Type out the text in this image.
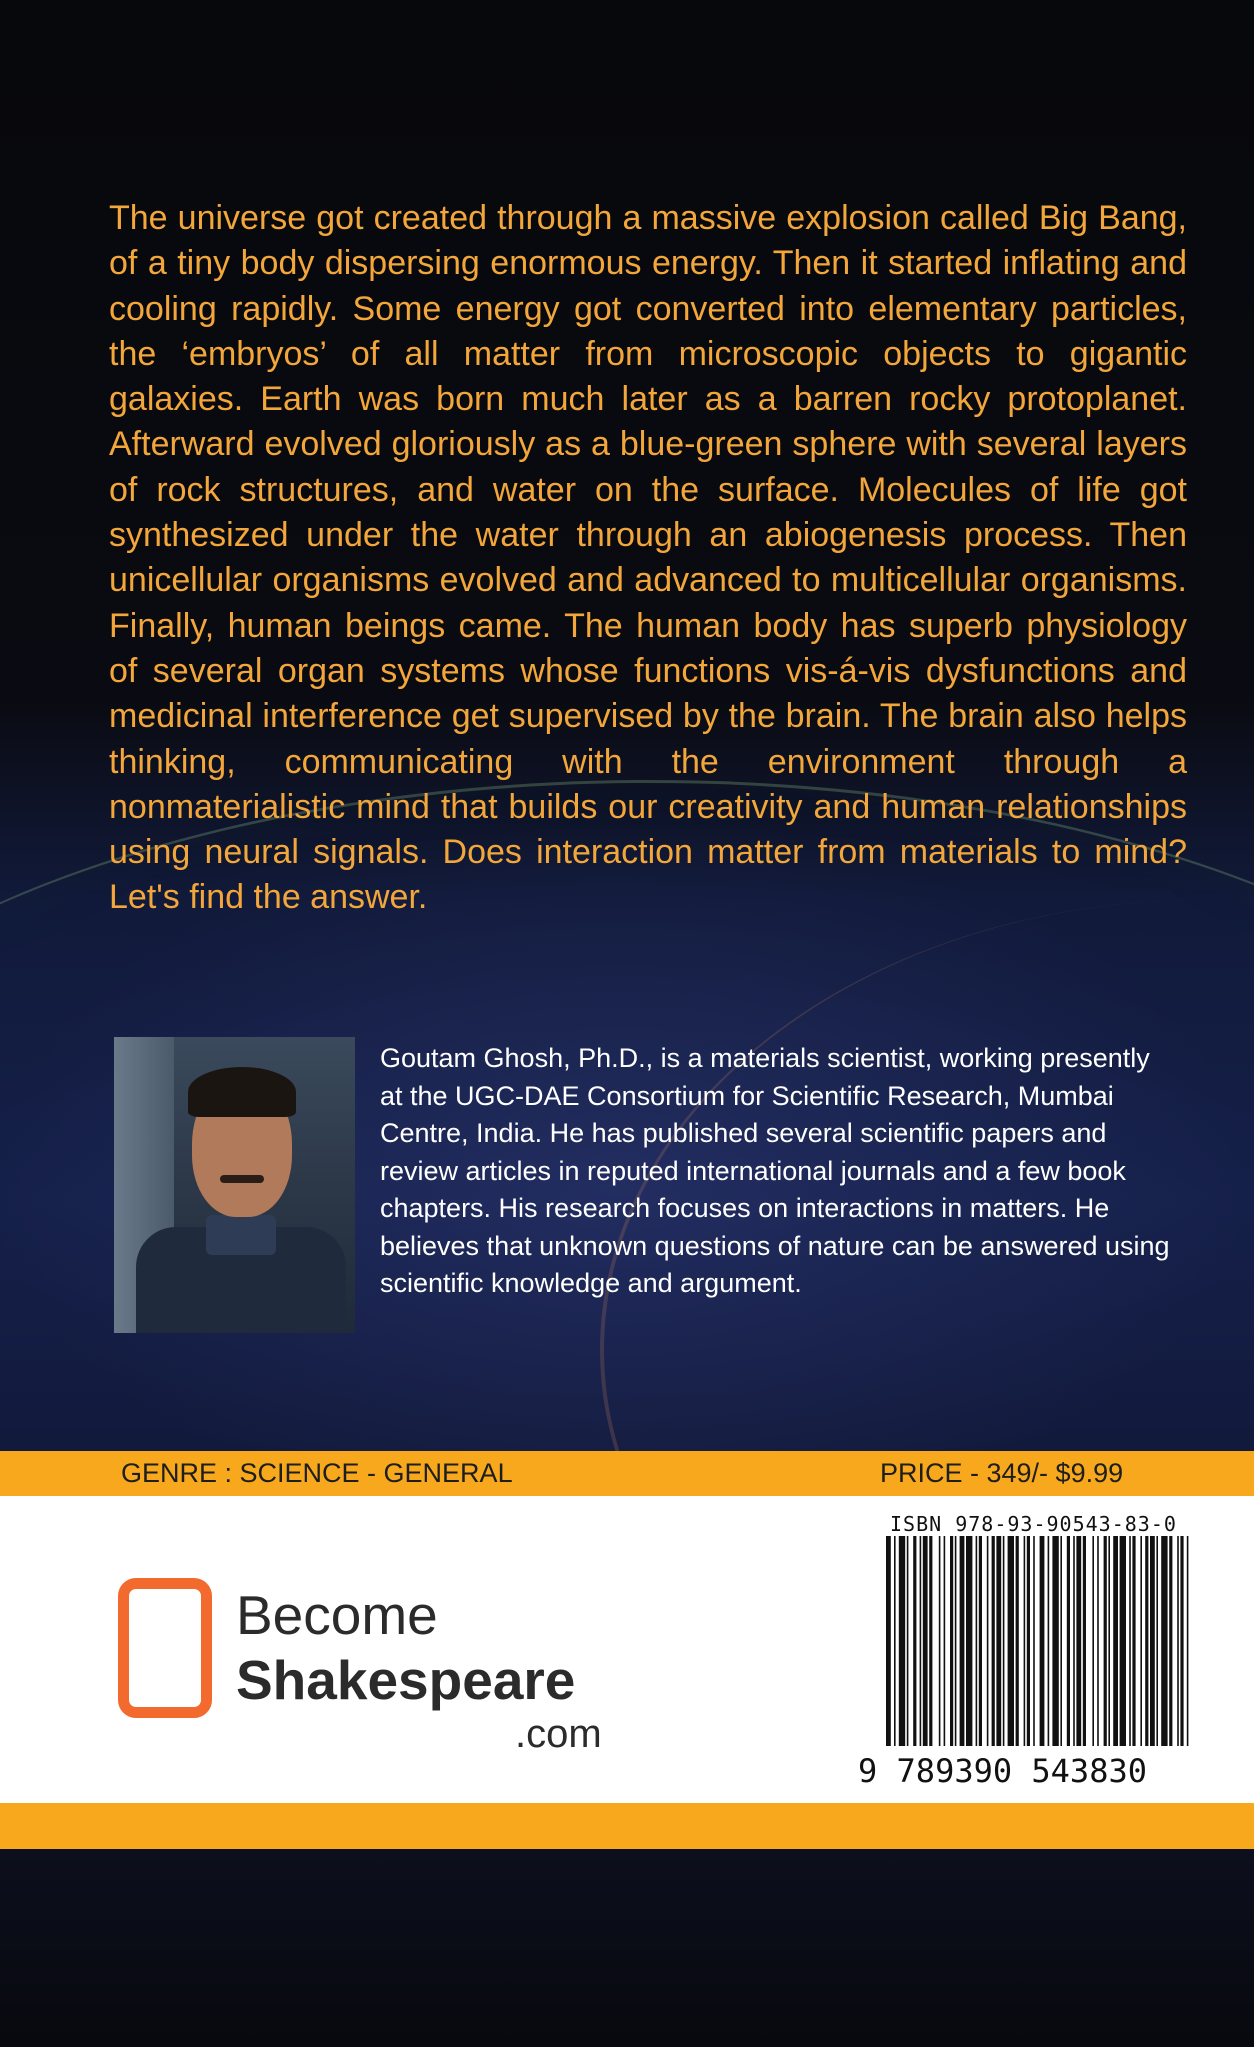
The universe got created through a massive explosion called Big Bang, of a tiny body dispersing enormous energy. Then it started inflating and cooling rapidly. Some energy got converted into elementary particles, the ‘embryos’ of all matter from microscopic objects to gigantic galaxies. Earth was born much later as a barren rocky protoplanet. Afterward evolved gloriously as a blue-green sphere with several layers of rock structures, and water on the surface. Molecules of life got synthesized under the water through an abiogenesis process. Then unicellular organisms evolved and advanced to multicellular organisms. Finally, human beings came. The human body has superb physiology of several organ systems whose functions vis-á-vis dysfunctions and medicinal interference get supervised by the brain. The brain also helps thinking, communicating with the environment through a nonmaterialistic mind that builds our creativity and human relationships using neural signals. Does interaction matter from materials to mind? Let's find the answer.

Goutam Ghosh, Ph.D., is a materials scientist, working presently at the UGC-DAE Consortium for Scientific Research, Mumbai Centre, India. He has published several scientific papers and review articles in reputed international journals and a few book chapters. His research focuses on interactions in matters. He believes that unknown questions of nature can be answered using scientific knowledge and argument.

GENRE : SCIENCE - GENERAL	PRICE - 349/- $9.99
Become
Shakespeare
.com
ISBN 978-93-90543-83-0
9 789390 543830
